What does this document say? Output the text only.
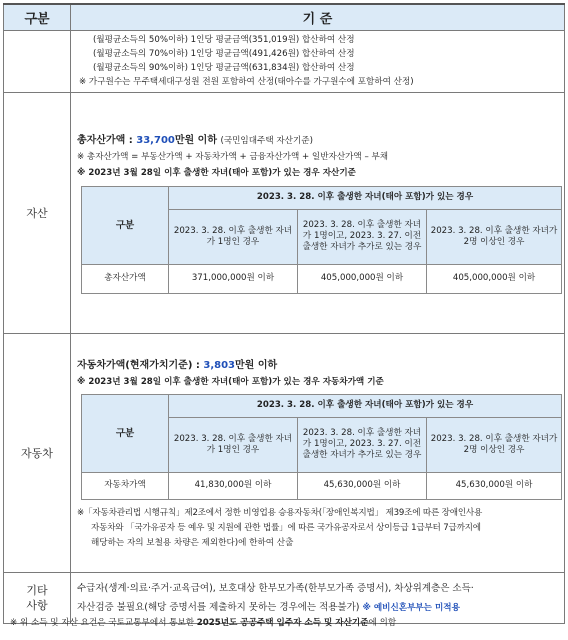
구분	기 준

(월평균소득의 50%이하) 1인당 평균금액(351,019원) 합산하여 산정
(월평균소득의 70%이하) 1인당 평균금액(491,426원) 합산하여 산정
(월평균소득의 90%이하) 1인당 평균금액(631,834원) 합산하여 산정
※ 가구원수는 무주택세대구성원 전원 포함하여 산정(태아수를 가구원수에 포함하여 산정)

자산	
총자산가액 : 33,700만원 이하 (국민임대주택 자산기준)
※ 총자산가액 = 부동산가액 + 자동차가액 + 금융자산가액 + 일반자산가액 – 부채
※ 2023년 3월 28일 이후 출생한 자녀(태아 포함)가 있는 경우 자산기준
구분	2023. 3. 28. 이후 출생한 자녀(태아 포함)가 있는 경우
2023. 3. 28. 이후 출생한 자녀가 1명인 경우	2023. 3. 28. 이후 출생한 자녀가 1명이고, 2023. 3. 27. 이전 출생한 자녀가 추가로 있는 경우	2023. 3. 28. 이후 출생한 자녀가 2명 이상인 경우
총자산가액	371,000,000원 이하	405,000,000원 이하	405,000,000원 이하

자동차	
자동차가액(현재가치기준) : 3,803만원 이하
※ 2023년 3월 28일 이후 출생한 자녀(태아 포함)가 있는 경우 자동차가액 기준
구분	2023. 3. 28. 이후 출생한 자녀(태아 포함)가 있는 경우
2023. 3. 28. 이후 출생한 자녀가 1명인 경우	2023. 3. 28. 이후 출생한 자녀가 1명이고, 2023. 3. 27. 이전 출생한 자녀가 추가로 있는 경우	2023. 3. 28. 이후 출생한 자녀가 2명 이상인 경우
자동차가액	41,830,000원 이하	45,630,000원 이하	45,630,000원 이하
※「자동차관리법 시행규칙」제2조에서 정한 비영업용 승용자동차(「장애인복지법」 제39조에 따른 장애인사용
자동차와 「국가유공자 등 예우 및 지원에 관한 법률」에 따른 국가유공자로서 상이등급 1급부터 7급까지에
해당하는 자의 보철용 차량은 제외한다)에 한하여 산출

기타
사항

수급자(생계·의료·주거·교육급여), 보호대상 한부모가족(한부모가족 증명서), 차상위계층은 소득·
자산검증 불필요(해당 증명서를 제출하지 못하는 경우에는 적용불가) ※ 예비신혼부부는 미적용
※ 위 소득 및 자산 요건은 국토교통부에서 통보한 2025년도 공공주택 입주자 소득 및 자산기준에 의함
